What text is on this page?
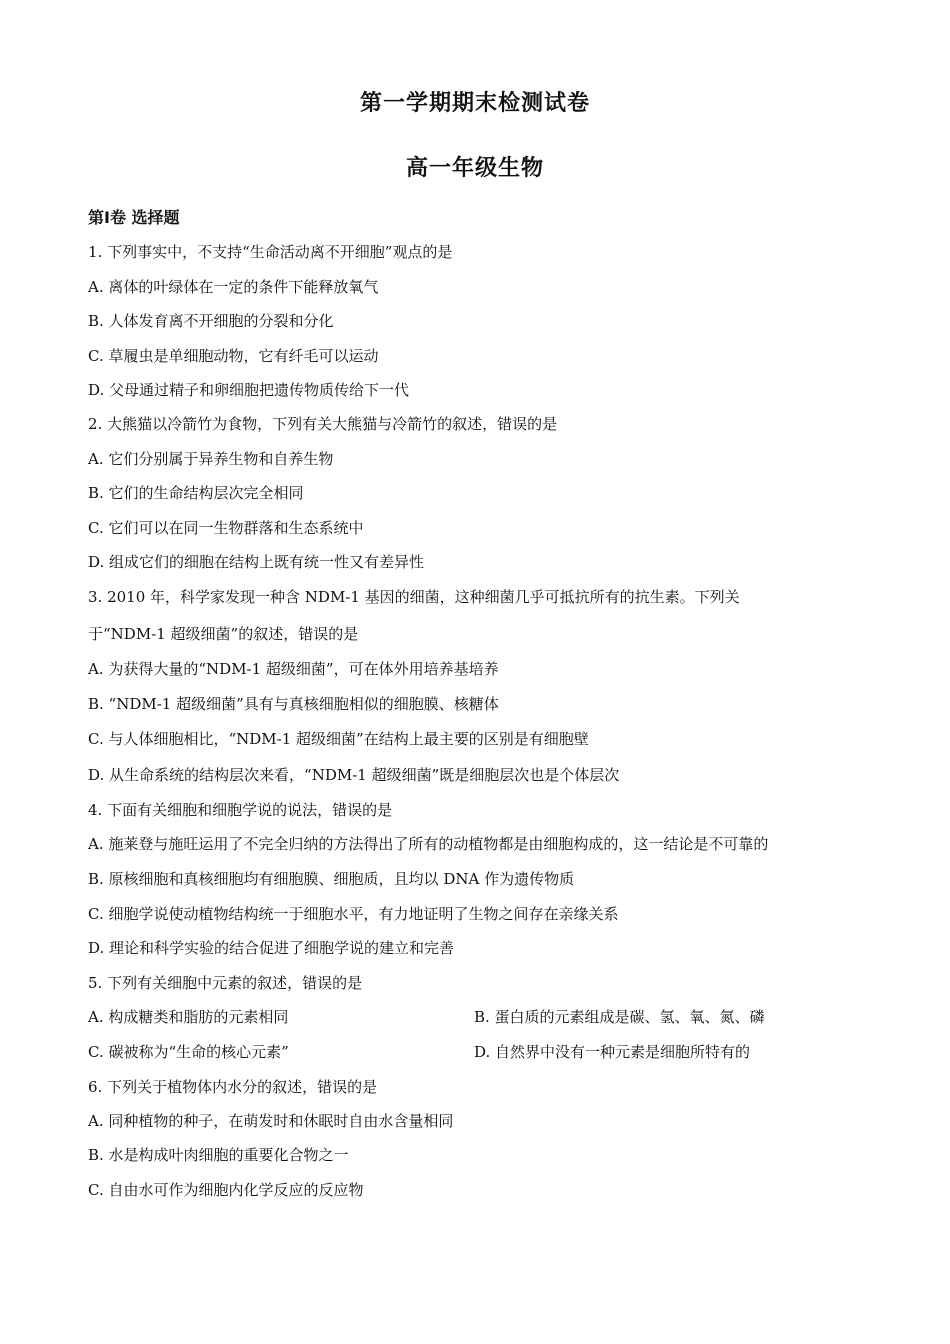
第一学期期末检测试卷
高一年级生物
第Ⅰ卷 选择题
1. 下列事实中，不支持“生命活动离不开细胞”观点的是
A. 离体的叶绿体在一定的条件下能释放氧气
B. 人体发育离不开细胞的分裂和分化
C. 草履虫是单细胞动物，它有纤毛可以运动
D. 父母通过精子和卵细胞把遗传物质传给下一代
2. 大熊猫以冷箭竹为食物，下列有关大熊猫与冷箭竹的叙述，错误的是
A. 它们分别属于异养生物和自养生物
B. 它们的生命结构层次完全相同
C. 它们可以在同一生物群落和生态系统中
D. 组成它们的细胞在结构上既有统一性又有差异性
3. 2010 年，科学家发现一种含 NDM-1 基因的细菌，这种细菌几乎可抵抗所有的抗生素。下列关
于“NDM-1 超级细菌”的叙述，错误的是
A. 为获得大量的“NDM-1 超级细菌”，可在体外用培养基培养
B. “NDM-1 超级细菌”具有与真核细胞相似的细胞膜、核糖体
C. 与人体细胞相比，“NDM-1 超级细菌”在结构上最主要的区别是有细胞壁
D. 从生命系统的结构层次来看，“NDM-1 超级细菌”既是细胞层次也是个体层次
4. 下面有关细胞和细胞学说的说法，错误的是
A. 施莱登与施旺运用了不完全归纳的方法得出了所有的动植物都是由细胞构成的，这一结论是不可靠的
B. 原核细胞和真核细胞均有细胞膜、细胞质，且均以 DNA 作为遗传物质
C. 细胞学说使动植物结构统一于细胞水平，有力地证明了生物之间存在亲缘关系
D. 理论和科学实验的结合促进了细胞学说的建立和完善
5. 下列有关细胞中元素的叙述，错误的是
A. 构成糖类和脂肪的元素相同	B. 蛋白质的元素组成是碳、氢、氧、氮、磷
C. 碳被称为“生命的核心元素”	D. 自然界中没有一种元素是细胞所特有的
6. 下列关于植物体内水分的叙述，错误的是
A. 同种植物的种子，在萌发时和休眠时自由水含量相同
B. 水是构成叶肉细胞的重要化合物之一
C. 自由水可作为细胞内化学反应的反应物
